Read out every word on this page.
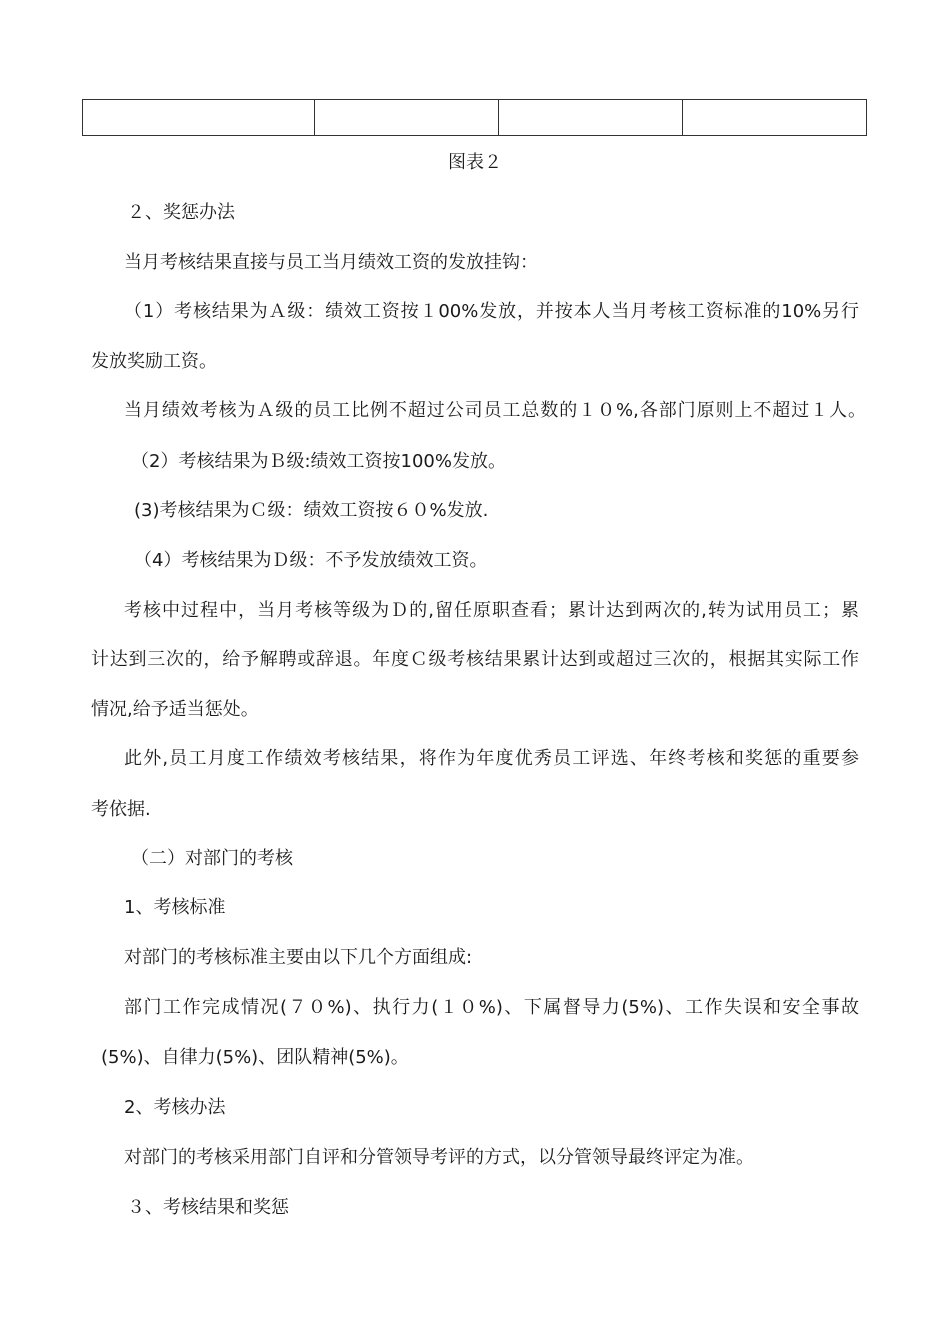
图表２
２、奖惩办法
当月考核结果直接与员工当月绩效工资的发放挂钩：
（1）考核结果为Ａ级：绩效工资按１00%发放，并按本人当月考核工资标准的10%另行
发放奖励工资。
当月绩效考核为Ａ级的员工比例不超过公司员工总数的１０%,各部门原则上不超过１人。
（2）考核结果为Ｂ级:绩效工资按100%发放。
(3)考核结果为Ｃ级：绩效工资按６０%发放.
（4）考核结果为Ｄ级：不予发放绩效工资。
考核中过程中，当月考核等级为Ｄ的,留任原职查看；累计达到两次的,转为试用员工；累
计达到三次的，给予解聘或辞退。年度Ｃ级考核结果累计达到或超过三次的，根据其实际工作
情况,给予适当惩处。
此外,员工月度工作绩效考核结果，将作为年度优秀员工评选、年终考核和奖惩的重要参
考依据.
（二）对部门的考核
1、考核标准
对部门的考核标准主要由以下几个方面组成:
部门工作完成情况(７０%)、执行力(１０%)、下属督导力(5%)、工作失误和安全事故
(5%)、自律力(5%)、团队精神(5%)。
2、考核办法
对部门的考核采用部门自评和分管领导考评的方式，以分管领导最终评定为准。
３、考核结果和奖惩
